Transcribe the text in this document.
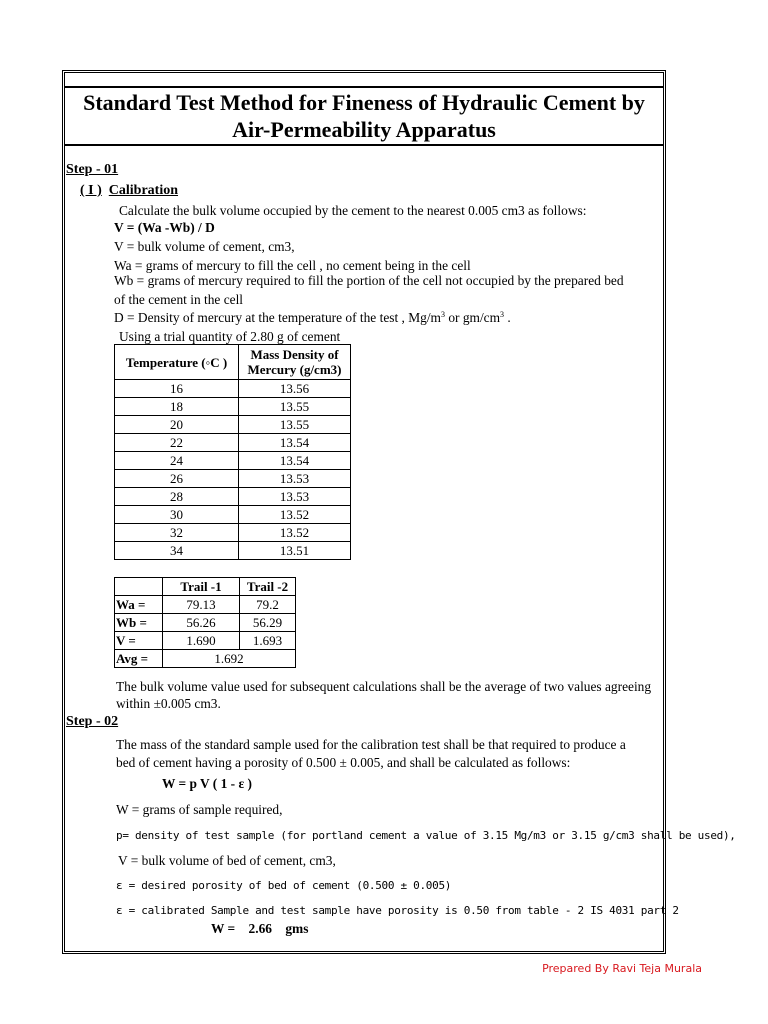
Standard Test Method for Fineness of Hydraulic Cement by Air-Permeability Apparatus
Step - 01
( I ) Calibration
Calculate the bulk volume occupied by the cement to the nearest 0.005 cm3 as follows:
V = (Wa -Wb) / D
V = bulk volume of cement, cm3,
Wa = grams of mercury to fill the cell , no cement being in the cell
Wb = grams of mercury required to fill the portion of the cell not occupied by the prepared bed
of the cement in the cell
D = Density of mercury at the temperature of the test , $Mg/m^3$ or $gm/cm^3$ .
Using a trial quantity of 2.80 g of cement
Temperature (◦C )	Mass Density of
Mercury (g/cm3)
16	13.56
18	13.55
20	13.55
22	13.54
24	13.54
26	13.53
28	13.53
30	13.52
32	13.52
34	13.51
	Trail -1	Trail -2
Wa =	79.13	79.2
Wb =	56.26	56.29
V =	1.690	1.693
Avg =	1.692	
The bulk volume value used for subsequent calculations shall be the average of two values agreeing
within ±0.005 cm3.
Step - 02
The mass of the standard sample used for the calibration test shall be that required to produce a
bed of cement having a porosity of 0.500 ± 0.005, and shall be calculated as follows:
W = p V ( 1 - ε )
W = grams of sample required,
p= density of test sample (for portland cement a value of 3.15 Mg/m3 or 3.15 g/cm3 shall be used),
V = bulk volume of bed of cement, cm3,
ε = desired porosity of bed of cement (0.500 ± 0.005)
ε = calibrated Sample and test sample have porosity is 0.50 from table - 2 IS 4031 part 2
W = 2.66 gms
Prepared By Ravi Teja Murala
